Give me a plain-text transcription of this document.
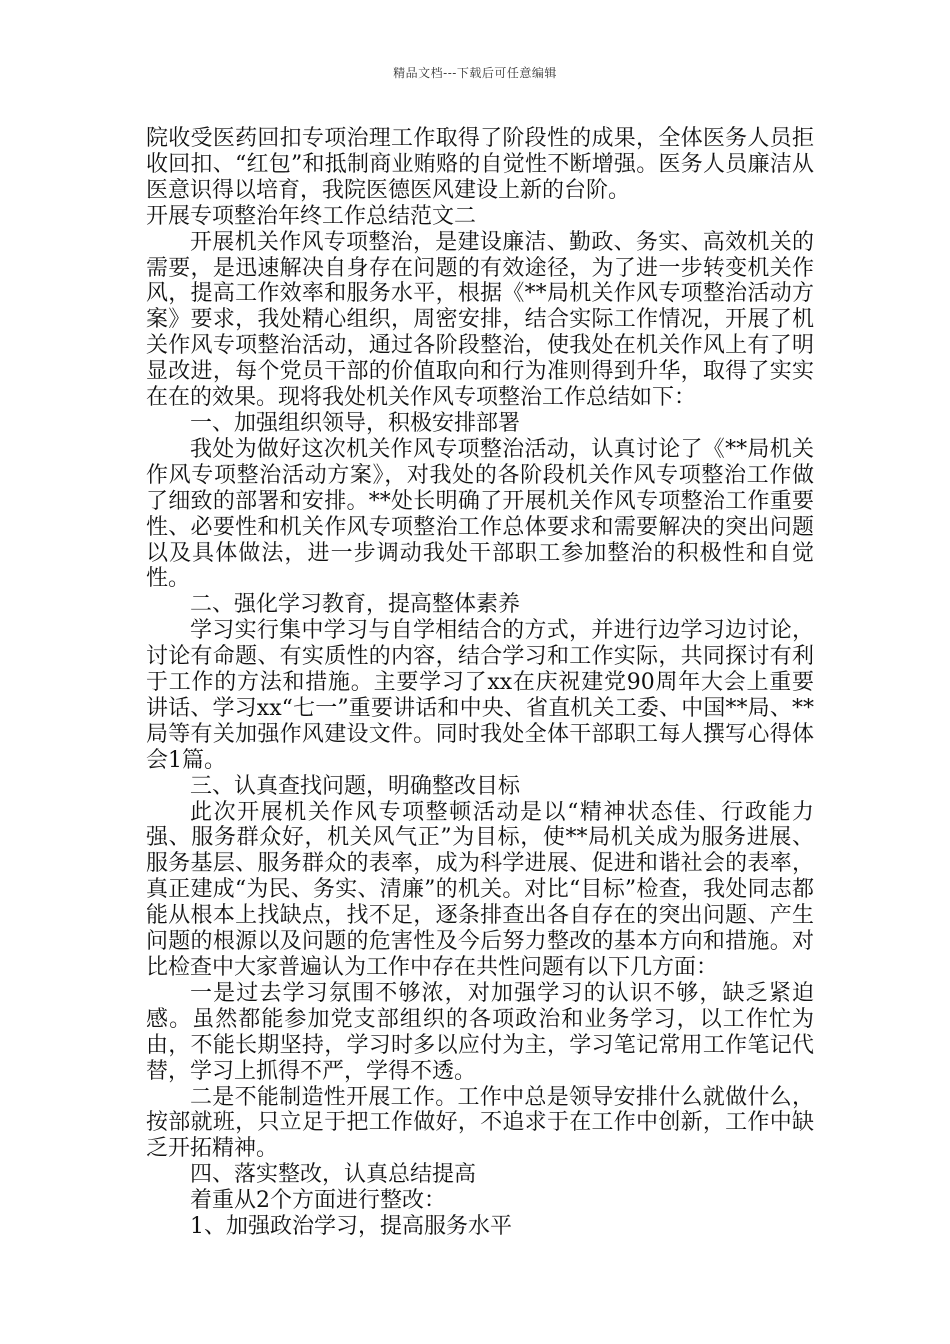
精品文档---下载后可任意编辑

院收受医药回扣专项治理工作取得了阶段性的成果，全体医务人员拒收回扣、“红包”和抵制商业贿赂的自觉性不断增强。医务人员廉洁从医意识得以培育，我院医德医风建设上新的台阶。

开展专项整治年终工作总结范文二

开展机关作风专项整治，是建设廉洁、勤政、务实、高效机关的需要，是迅速解决自身存在问题的有效途径，为了进一步转变机关作风，提高工作效率和服务水平，根据《**局机关作风专项整治活动方案》要求，我处精心组织，周密安排，结合实际工作情况，开展了机关作风专项整治活动，通过各阶段整治，使我处在机关作风上有了明显改进，每个党员干部的价值取向和行为准则得到升华，取得了实实在在的效果。现将我处机关作风专项整治工作总结如下：

一、加强组织领导，积极安排部署

我处为做好这次机关作风专项整治活动，认真讨论了《**局机关作风专项整治活动方案》，对我处的各阶段机关作风专项整治工作做了细致的部署和安排。**处长明确了开展机关作风专项整治工作重要性、必要性和机关作风专项整治工作总体要求和需要解决的突出问题以及具体做法，进一步调动我处干部职工参加整治的积极性和自觉性。

二、强化学习教育，提高整体素养

学习实行集中学习与自学相结合的方式，并进行边学习边讨论，讨论有命题、有实质性的内容，结合学习和工作实际，共同探讨有利于工作的方法和措施。主要学习了xx在庆祝建党90周年大会上重要讲话、学习xx“七一”重要讲话和中央、省直机关工委、中国**局、**局等有关加强作风建设文件。同时我处全体干部职工每人撰写心得体会1篇。

三、认真查找问题，明确整改目标

此次开展机关作风专项整顿活动是以“精神状态佳、行政能力强、服务群众好，机关风气正”为目标，使**局机关成为服务进展、服务基层、服务群众的表率，成为科学进展、促进和谐社会的表率，真正建成“为民、务实、清廉”的机关。对比“目标”检查，我处同志都能从根本上找缺点，找不足，逐条排查出各自存在的突出问题、产生问题的根源以及问题的危害性及今后努力整改的基本方向和措施。对比检查中大家普遍认为工作中存在共性问题有以下几方面：

一是过去学习氛围不够浓，对加强学习的认识不够，缺乏紧迫感。虽然都能参加党支部组织的各项政治和业务学习，以工作忙为由，不能长期坚持，学习时多以应付为主，学习笔记常用工作笔记代替，学习上抓得不严，学得不透。

二是不能制造性开展工作。工作中总是领导安排什么就做什么，按部就班，只立足于把工作做好，不追求于在工作中创新，工作中缺乏开拓精神。

四、落实整改，认真总结提高

着重从2个方面进行整改：

1、加强政治学习，提高服务水平
